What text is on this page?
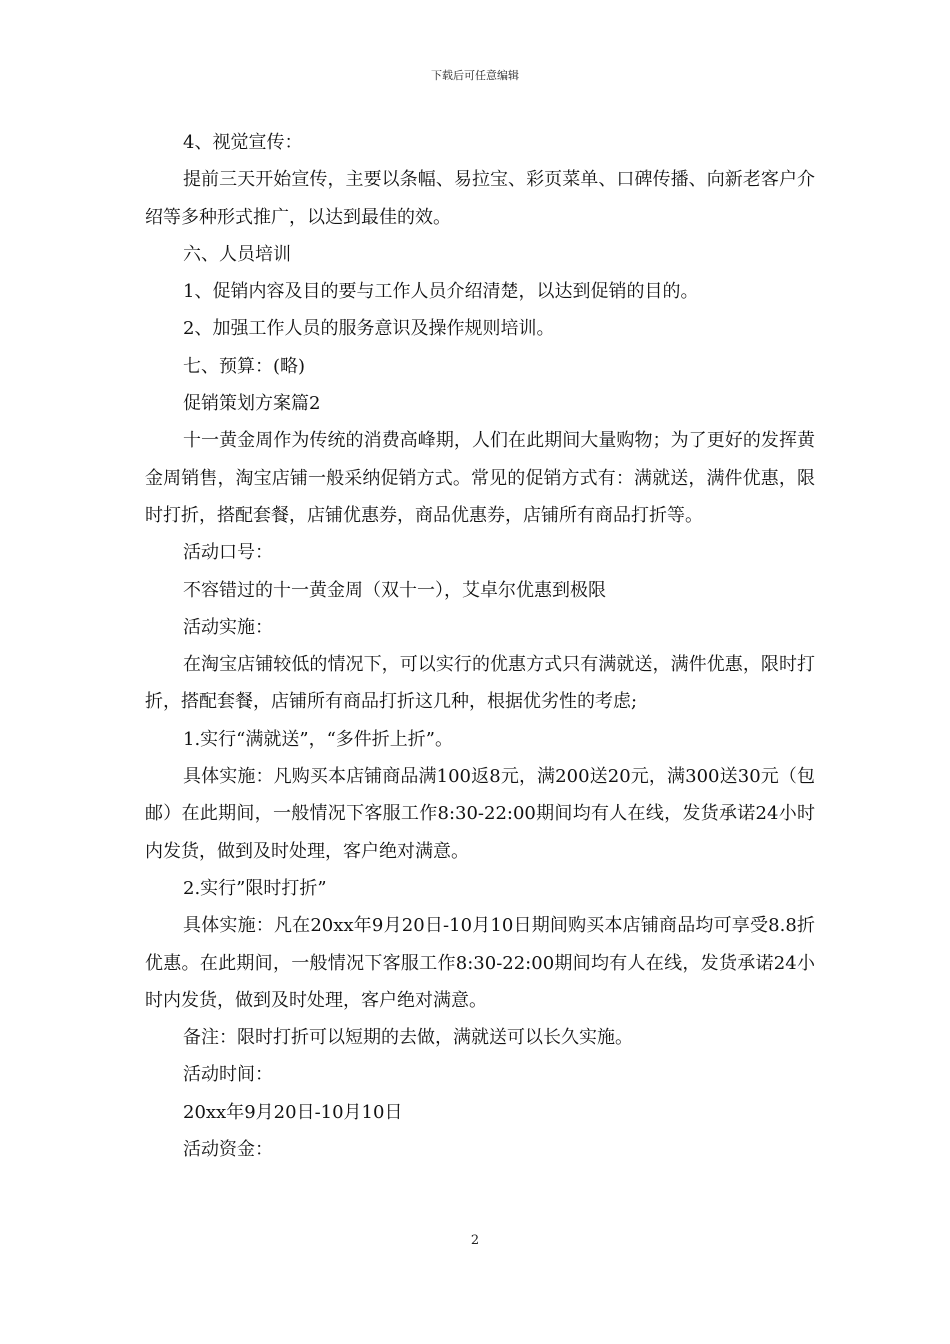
下载后可任意编辑

4、视觉宣传：

提前三天开始宣传，主要以条幅、易拉宝、彩页菜单、口碑传播、向新老客户介绍等多种形式推广，以达到最佳的效。

六、人员培训

1、促销内容及目的要与工作人员介绍清楚，以达到促销的目的。

2、加强工作人员的服务意识及操作规则培训。

七、预算：(略)

促销策划方案篇2

十一黄金周作为传统的消费高峰期，人们在此期间大量购物；为了更好的发挥黄金周销售，淘宝店铺一般采纳促销方式。常见的促销方式有：满就送，满件优惠，限时打折，搭配套餐，店铺优惠券，商品优惠券，店铺所有商品打折等。

活动口号：

不容错过的十一黄金周（双十一），艾卓尔优惠到极限

活动实施：

在淘宝店铺较低的情况下，可以实行的优惠方式只有满就送，满件优惠，限时打折，搭配套餐，店铺所有商品打折这几种，根据优劣性的考虑;

1.实行“满就送”，“多件折上折”。

具体实施：凡购买本店铺商品满100返8元，满200送20元，满300送30元（包邮）在此期间，一般情况下客服工作8:30-22:00期间均有人在线，发货承诺24小时内发货，做到及时处理，客户绝对满意。

2.实行”限时打折”

具体实施：凡在20xx年9月20日-10月10日期间购买本店铺商品均可享受8.8折优惠。在此期间，一般情况下客服工作8:30-22:00期间均有人在线，发货承诺24小时内发货，做到及时处理，客户绝对满意。

备注：限时打折可以短期的去做，满就送可以长久实施。

活动时间：

20xx年9月20日-10月10日

活动资金：

2
